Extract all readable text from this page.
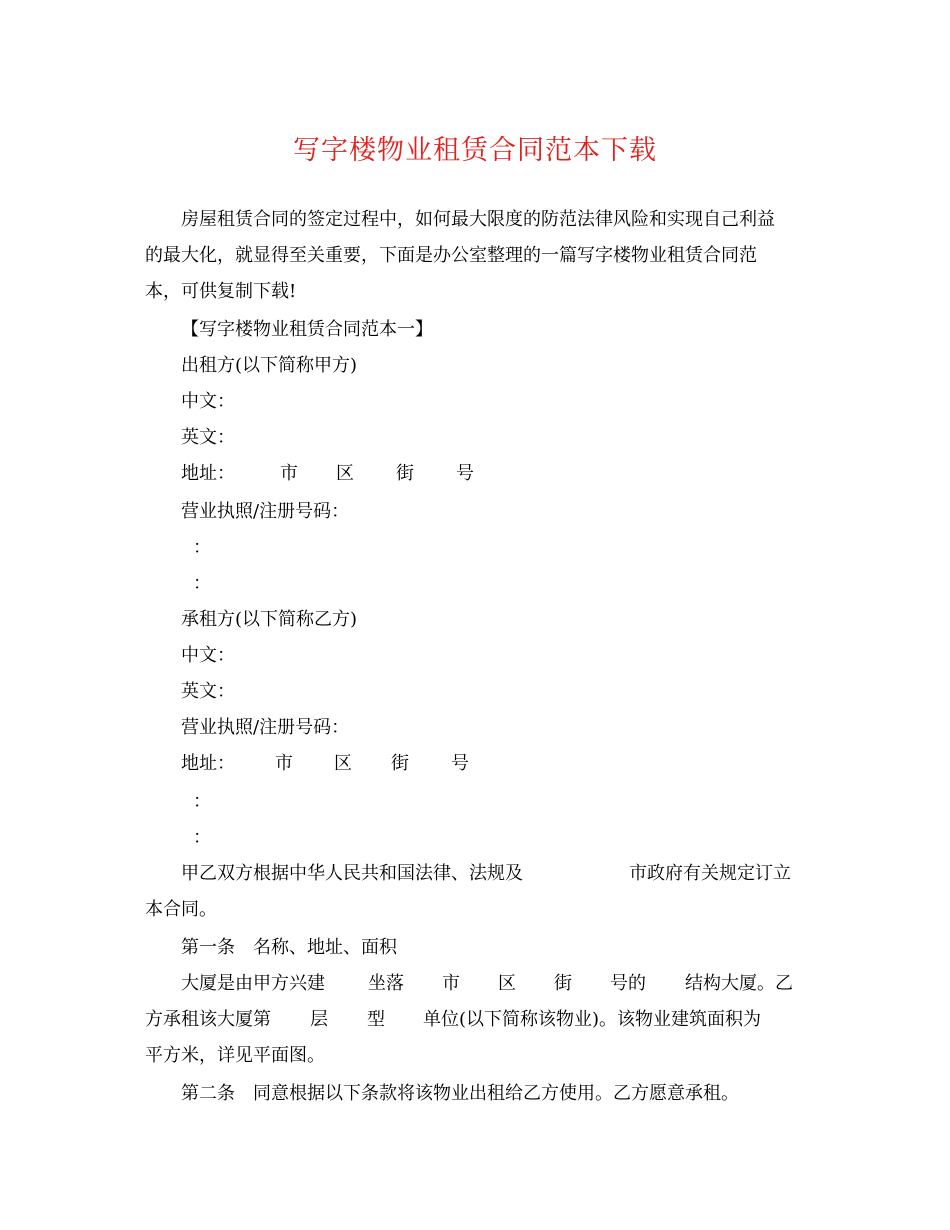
写字楼物业租赁合同范本下载
房屋租赁合同的签定过程中，如何最大限度的防范法律风险和实现自己利益
的最大化，就显得至关重要，下面是办公室整理的一篇写字楼物业租赁合同范
本，可供复制下载!
【写字楼物业租赁合同范本一】
出租方(以下简称甲方)
中文：
英文：
地址：	市 区 街 号
营业执照/注册号码：
：
：
承租方(以下简称乙方)
中文：
英文：
营业执照/注册号码：
地址： 市 区 街 号
：
：
甲乙双方根据中华人民共和国法律、法规及	市政府有关规定订立
本合同。
第一条　名称、地址、面积
大厦是由甲方兴建 坐落 市 区 街 号的 结构大厦。乙
方承租该大厦第 层 型 单位(以下简称该物业)。该物业建筑面积为
平方米，详见平面图。
第二条　同意根据以下条款将该物业出租给乙方使用。乙方愿意承租。
